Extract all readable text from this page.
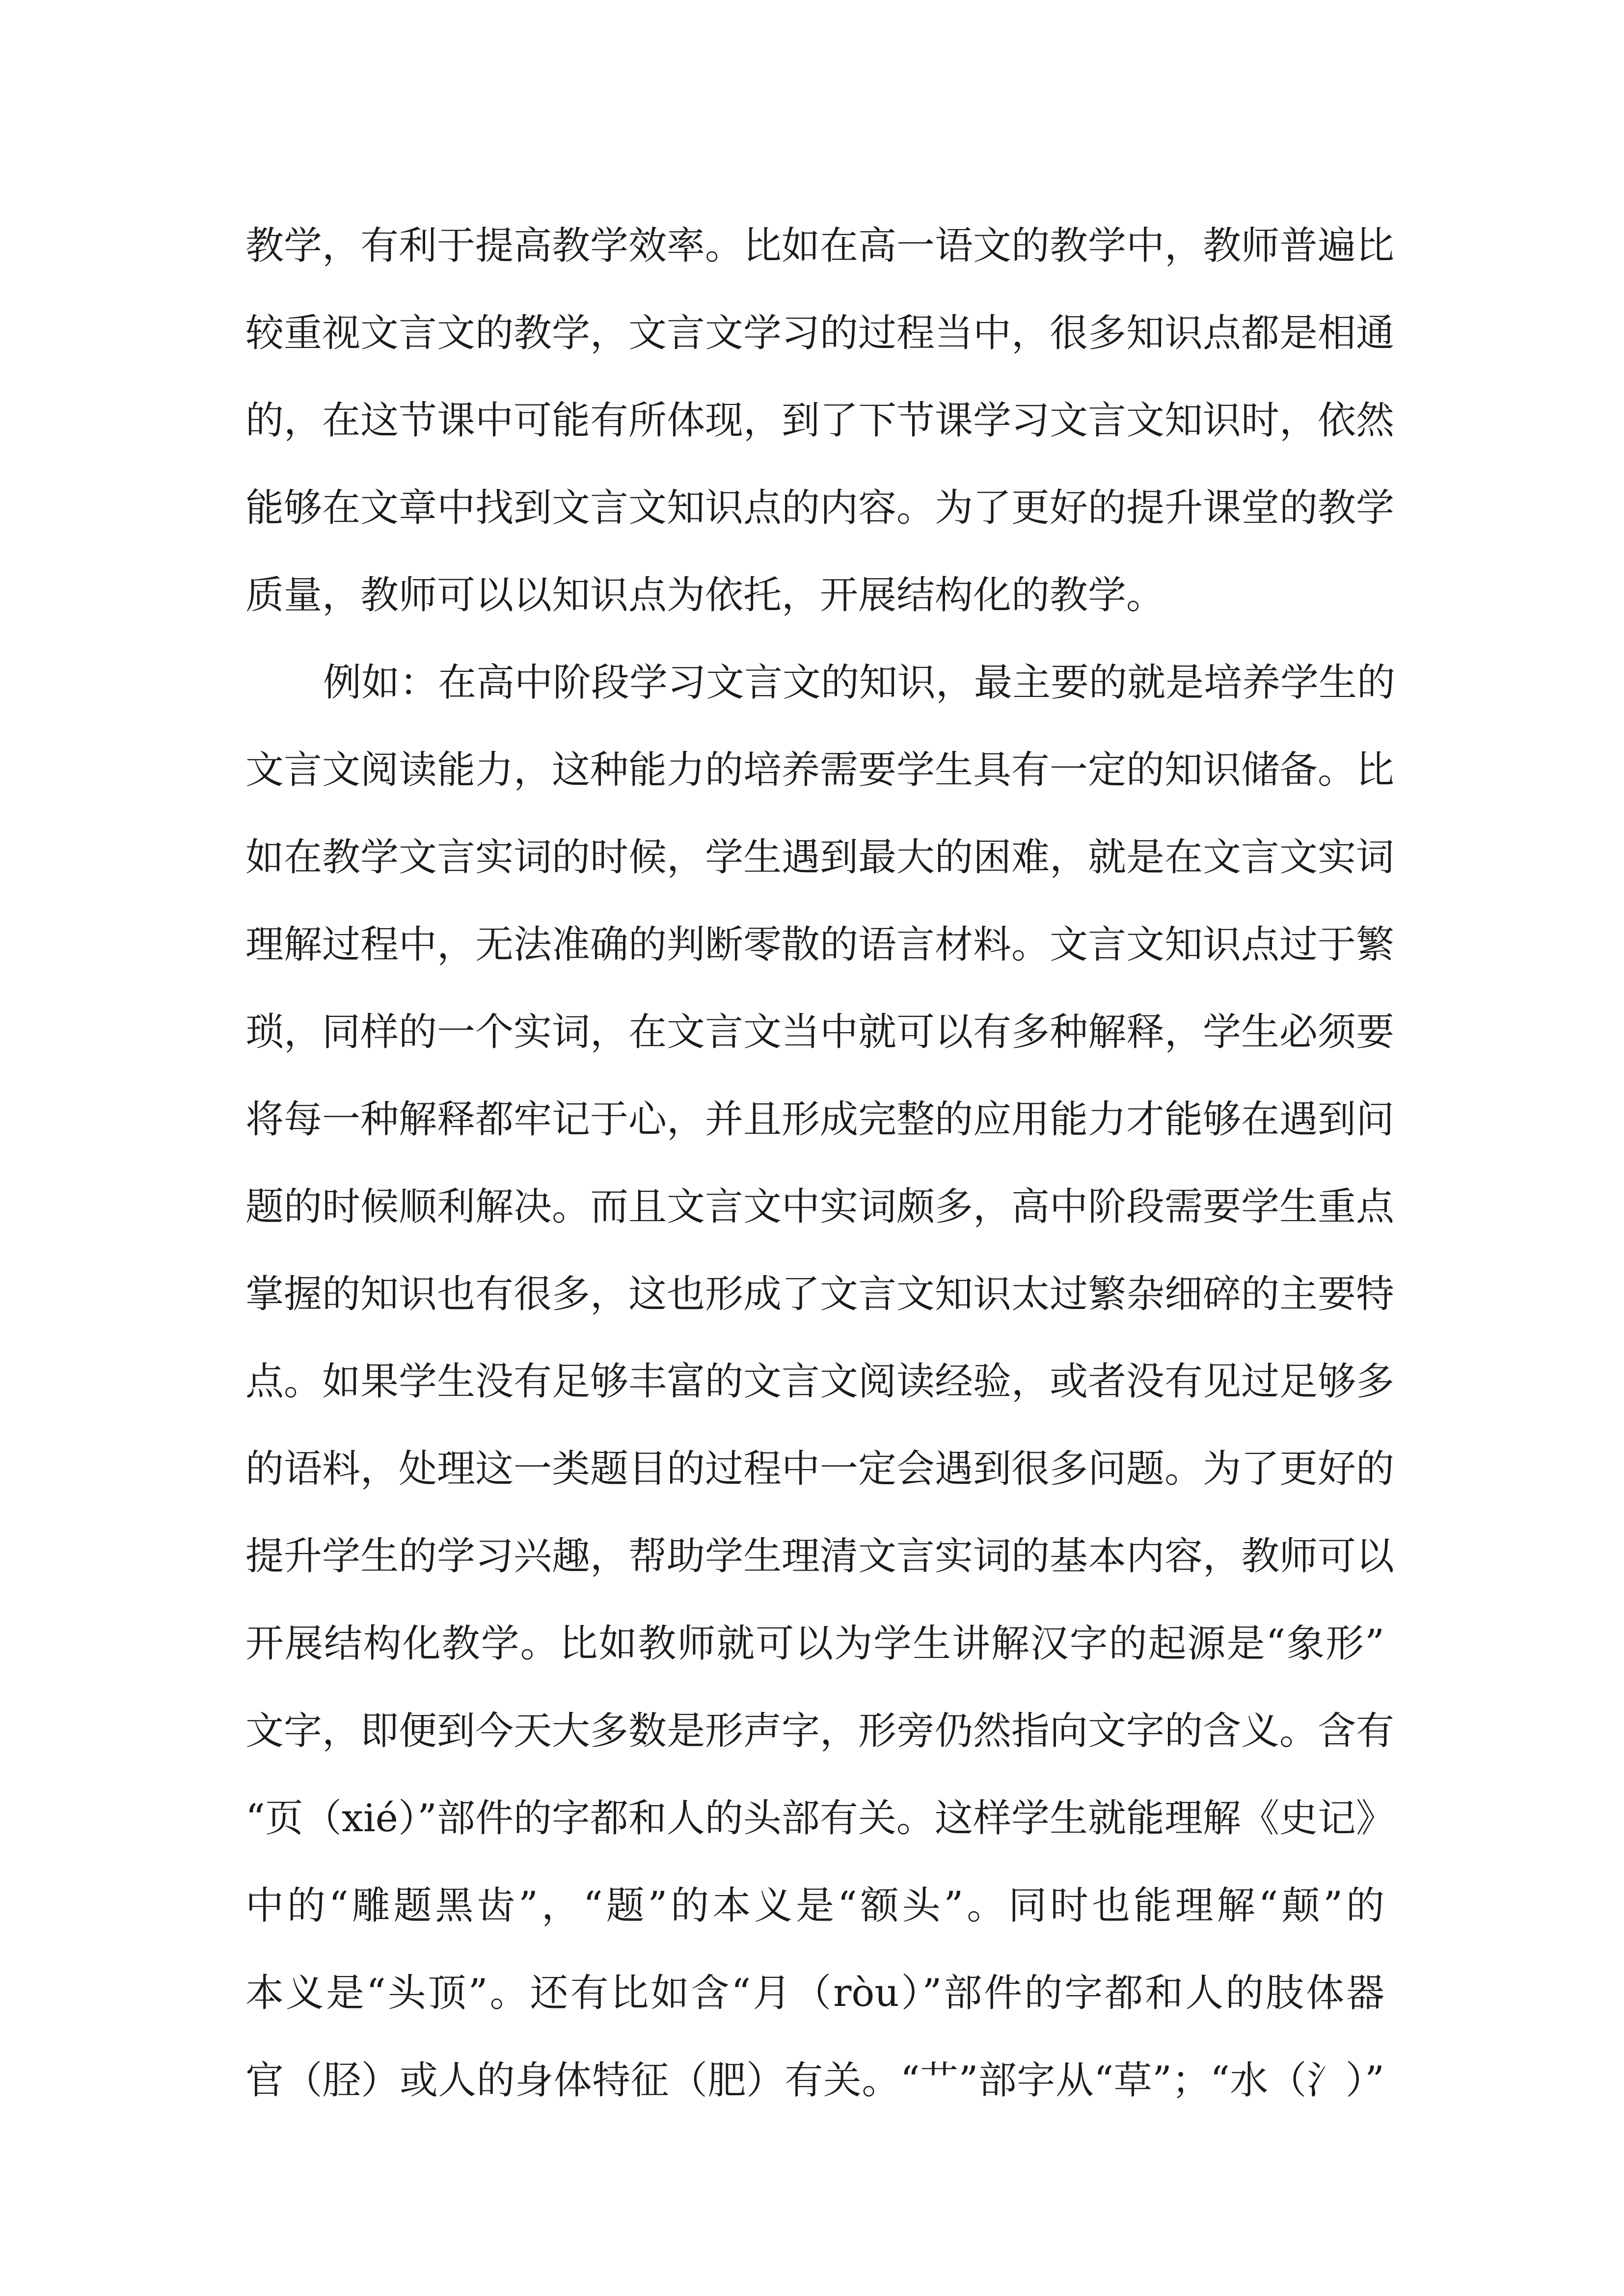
教学，有利于提高教学效率。比如在高一语文的教学中，教师普遍比
较重视文言文的教学，文言文学习的过程当中，很多知识点都是相通
的，在这节课中可能有所体现，到了下节课学习文言文知识时，依然
能够在文章中找到文言文知识点的内容。为了更好的提升课堂的教学
质量，教师可以以知识点为依托，开展结构化的教学。
例如：在高中阶段学习文言文的知识，最主要的就是培养学生的
文言文阅读能力，这种能力的培养需要学生具有一定的知识储备。比
如在教学文言实词的时候，学生遇到最大的困难，就是在文言文实词
理解过程中，无法准确的判断零散的语言材料。文言文知识点过于繁
琐，同样的一个实词，在文言文当中就可以有多种解释，学生必须要
将每一种解释都牢记于心，并且形成完整的应用能力才能够在遇到问
题的时候顺利解决。而且文言文中实词颇多，高中阶段需要学生重点
掌握的知识也有很多，这也形成了文言文知识太过繁杂细碎的主要特
点。如果学生没有足够丰富的文言文阅读经验，或者没有见过足够多
的语料，处理这一类题目的过程中一定会遇到很多问题。为了更好的
提升学生的学习兴趣，帮助学生理清文言实词的基本内容，教师可以
开展结构化教学。比如教师就可以为学生讲解汉字的起源是“象形”
文字，即便到今天大多数是形声字，形旁仍然指向文字的含义。含有
“页（xié）”部件的字都和人的头部有关。这样学生就能理解《史记》
中的“雕题黑齿”，“题”的本义是“额头”。同时也能理解“颠”的
本义是“头顶”。还有比如含“月（ròu）”部件的字都和人的肢体器
官（胫）或人的身体特征（肥）有关。“艹”部字从“草”；“水（氵）”
